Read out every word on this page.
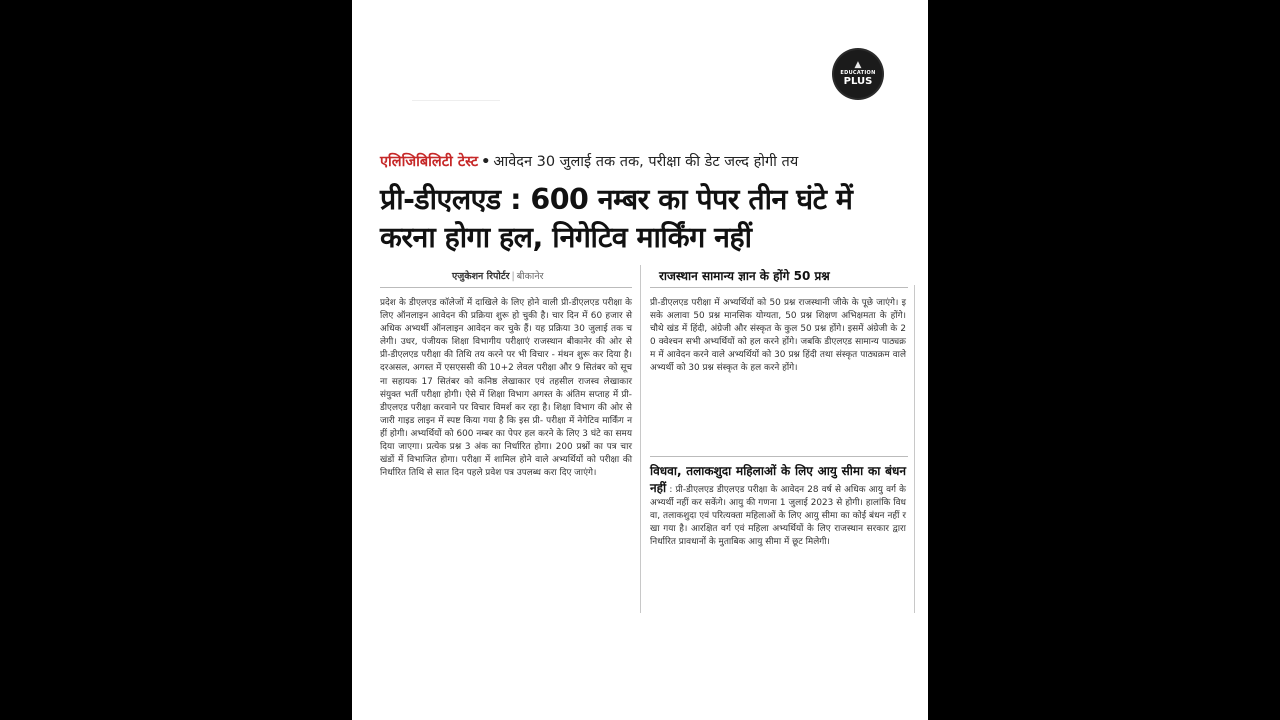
▲
EDUCATION
PLUS
एलिजिबिलिटी टेस्ट • आवेदन 30 जुलाई तक तक, परीक्षा की डेट जल्द होगी तय
प्री-डीएलएड : 600 नम्बर का पेपर तीन घंटे में करना होगा हल, निगेटिव मार्किंग नहीं
एजुकेशन रिपोर्टर | बीकानेर	राजस्थान सामान्य ज्ञान के होंगे 50 प्रश्न
प्रदेश के डीएलएड कॉलेजों में दाखिले के लिए होने वाली प्री-डीएलएड परीक्षा के लिए ऑनलाइन आवेदन की प्रक्रिया शुरू हो चुकी है। चार दिन में 60 हजार से अधिक अभ्यर्थी ऑनलाइन आवेदन कर चुके हैं। यह प्रक्रिया 30 जुलाई तक चलेगी। उधर, पंजीयक शिक्षा विभागीय परीक्षाएं राजस्थान बीकानेर की ओर से प्री-डीएलएड परीक्षा की तिथि तय करने पर भी विचार - मंथन शुरू कर दिया है। दरअसल, अगस्त में एसएससी की 10+2 लेवल परीक्षा और 9 सितंबर को सूचना सहायक 17 सितंबर को कनिष्ठ लेखाकार एवं तहसील राजस्व लेखाकार संयुक्त भर्ती परीक्षा होगी। ऐसे में शिक्षा विभाग अगस्त के अंतिम सप्ताह में प्री-डीएलएड परीक्षा करवाने पर विचार विमर्श कर रहा है। शिक्षा विभाग की ओर से जारी गाइड लाइन में स्पष्ट किया गया है कि इस प्री- परीक्षा में नेगेटिव मार्किंग नहीं होगी। अभ्यर्थियों को 600 नम्बर का पेपर हल करने के लिए 3 घंटे का समय दिया जाएगा। प्रत्येक प्रश्न 3 अंक का निर्धारित होगा। 200 प्रश्नों का पत्र चार खंडों में विभाजित होगा। परीक्षा में शामिल होने वाले अभ्यर्थियों को परीक्षा की निर्धारित तिथि से सात दिन पहले प्रवेश पत्र उपलब्ध करा दिए जाएंगे।
प्री-डीएलएड परीक्षा में अभ्यर्थियों को 50 प्रश्न राजस्थानी जीके के पूछे जाएंगे। इसके अलावा 50 प्रश्न मानसिक योग्यता, 50 प्रश्न शिक्षण अभिक्षमता के होंगे। चौथे खंड में हिंदी, अंग्रेजी और संस्कृत के कुल 50 प्रश्न होंगे। इसमें अंग्रेजी के 20 क्वेश्चन सभी अभ्यर्थियों को हल करने होंगे। जबकि डीएलएड सामान्य पाठ्यक्रम में आवेदन करने वाले अभ्यर्थियों को 30 प्रश्न हिंदी तथा संस्कृत पाठ्यक्रम वाले अभ्यर्थी को 30 प्रश्न संस्कृत के हल करने होंगे।
विधवा, तलाकशुदा महिलाओं के लिए आयु सीमा का बंधन नहीं : प्री-डीएलएड डीएलएड परीक्षा के आवेदन 28 वर्ष से अधिक आयु वर्ग के अभ्यर्थी नहीं कर सकेंगे। आयु की गणना 1 जुलाई 2023 से होगी। हालांकि विधवा, तलाकशुदा एवं परित्यक्ता महिलाओं के लिए आयु सीमा का कोई बंधन नहीं रखा गया है। आरक्षित वर्ग एवं महिला अभ्यर्थियों के लिए राजस्थान सरकार द्वारा निर्धारित प्रावधानों के मुताबिक आयु सीमा में छूट मिलेगी।
